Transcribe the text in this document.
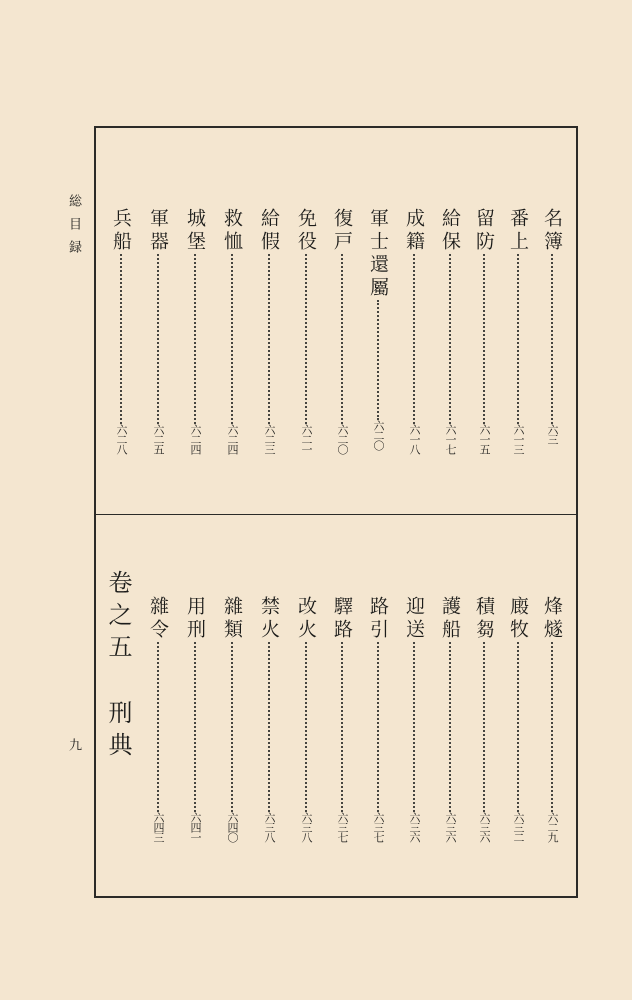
総目録
九
名簿六三
番上六一三
留防六一五
給保六一七
成籍六一八
軍士還屬六二〇
復戸六二〇
免役六二一
給假六二三
救恤六二四
城堡六二四
軍器六二五
兵船六二八
烽燧六二九
廄牧六三二
積芻六三六
護船六三六
迎送六三六
路引六三七
驛路六三七
改火六三八
禁火六三八
雜類六四〇
用刑六四一
雜令六四三
卷之五刑典
